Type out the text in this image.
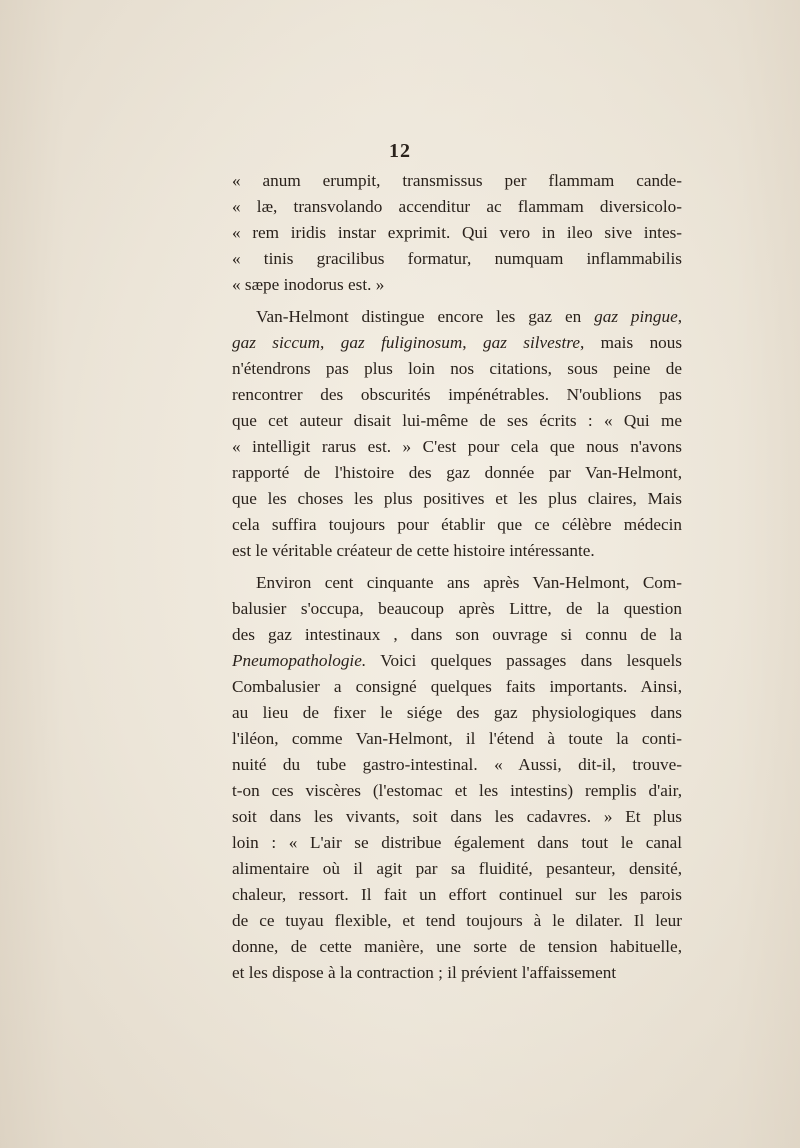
12
« anum erumpit, transmissus per flammam cande-
« læ, transvolando accenditur ac flammam diversicolo-
« rem iridis instar exprimit. Qui vero in ileo sive intes-
« tinis gracilibus formatur, numquam inflammabilis
« sæpe inodorus est. »
Van-Helmont distingue encore les gaz en gaz pingue,
gaz siccum, gaz fuliginosum, gaz silvestre, mais nous
n'étendrons pas plus loin nos citations, sous peine de
rencontrer des obscurités impénétrables. N'oublions pas
que cet auteur disait lui-même de ses écrits : « Qui me
« intelligit rarus est. » C'est pour cela que nous n'avons
rapporté de l'histoire des gaz donnée par Van-Helmont,
que les choses les plus positives et les plus claires, Mais
cela suffira toujours pour établir que ce célèbre médecin
est le véritable créateur de cette histoire intéressante.
Environ cent cinquante ans après Van-Helmont, Com-
balusier s'occupa, beaucoup après Littre, de la question
des gaz intestinaux , dans son ouvrage si connu de la
Pneumopathologie. Voici quelques passages dans lesquels
Combalusier a consigné quelques faits importants. Ainsi,
au lieu de fixer le siége des gaz physiologiques dans
l'iléon, comme Van-Helmont, il l'étend à toute la conti-
nuité du tube gastro-intestinal. « Aussi, dit-il, trouve-
t-on ces viscères (l'estomac et les intestins) remplis d'air,
soit dans les vivants, soit dans les cadavres. » Et plus
loin : « L'air se distribue également dans tout le canal
alimentaire où il agit par sa fluidité, pesanteur, densité,
chaleur, ressort. Il fait un effort continuel sur les parois
de ce tuyau flexible, et tend toujours à le dilater. Il leur
donne, de cette manière, une sorte de tension habituelle,
et les dispose à la contraction ; il prévient l'affaissement
